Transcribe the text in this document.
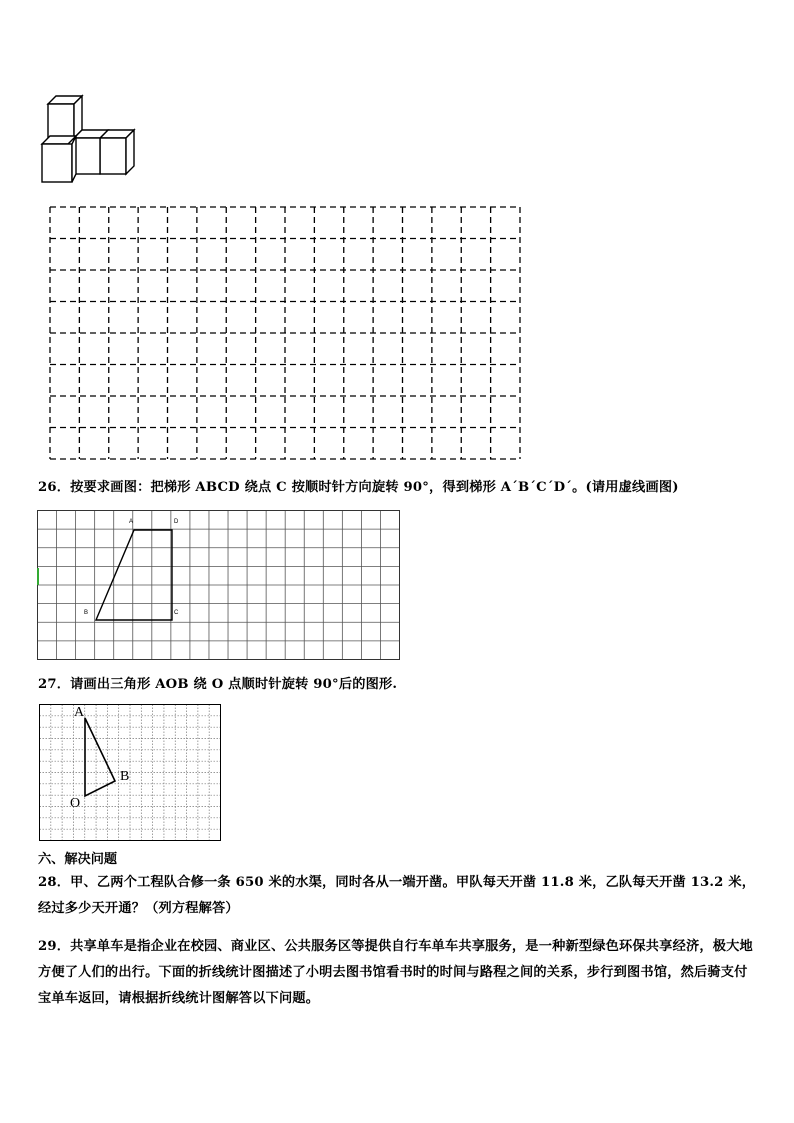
26．按要求画图：把梯形 ABCD 绕点 C 按顺时针方向旋转 90°，得到梯形 A´B´C´D´。(请用虚线画图)
A	D
B	C
27．请画出三角形 AOB 绕 O 点顺时针旋转 90°后的图形.
A
B
O
六、解决问题
28．甲、乙两个工程队合修一条 650 米的水渠，同时各从一端开凿。甲队每天开凿 11.8 米，乙队每天开凿 13.2 米，经过多少天开通？（列方程解答）
29．共享单车是指企业在校园、商业区、公共服务区等提供自行车单车共享服务，是一种新型绿色环保共享经济，极大地方便了人们的出行。下面的折线统计图描述了小明去图书馆看书时的时间与路程之间的关系，步行到图书馆，然后骑支付宝单车返回，请根据折线统计图解答以下问题。
